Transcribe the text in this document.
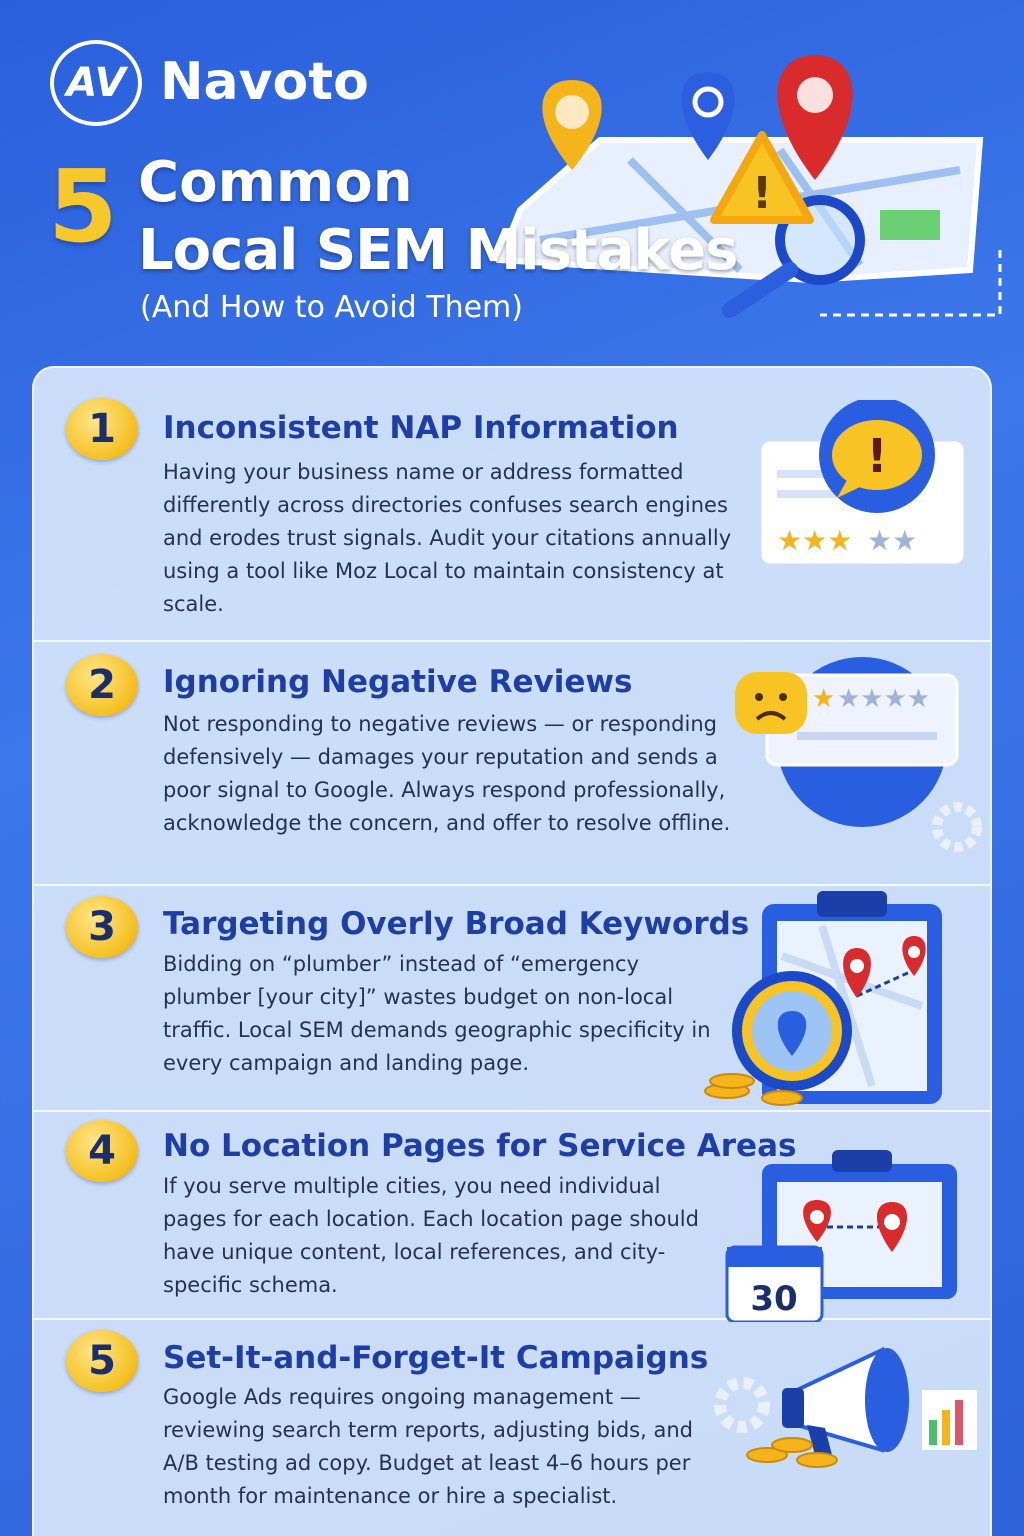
AV Navoto
5 Common
Local SEM Mistakes
(And How to Avoid Them)
!
1	Inconsistent NAP Information
Having your business name or address formatted differently across directories confuses search engines and erodes trust signals. Audit your citations annually using a tool like Moz Local to maintain consistency at scale.
!
★★★ ★★
2	Ignoring Negative Reviews
Not responding to negative reviews — or responding defensively — damages your reputation and sends a poor signal to Google. Always respond professionally, acknowledge the concern, and offer to resolve offline.
★ ★★★★
3	Targeting Overly Broad Keywords
Bidding on “plumber” instead of “emergency plumber [your city]” wastes budget on non-local traffic. Local SEM demands geographic specificity in every campaign and landing page.
4	No Location Pages for Service Areas
If you serve multiple cities, you need individual pages for each location. Each location page should have unique content, local references, and city-specific schema.	30
5	Set-It-and-Forget-It Campaigns
Google Ads requires ongoing management — reviewing search term reports, adjusting bids, and A/B testing ad copy. Budget at least 4–6 hours per month for maintenance or hire a specialist.
